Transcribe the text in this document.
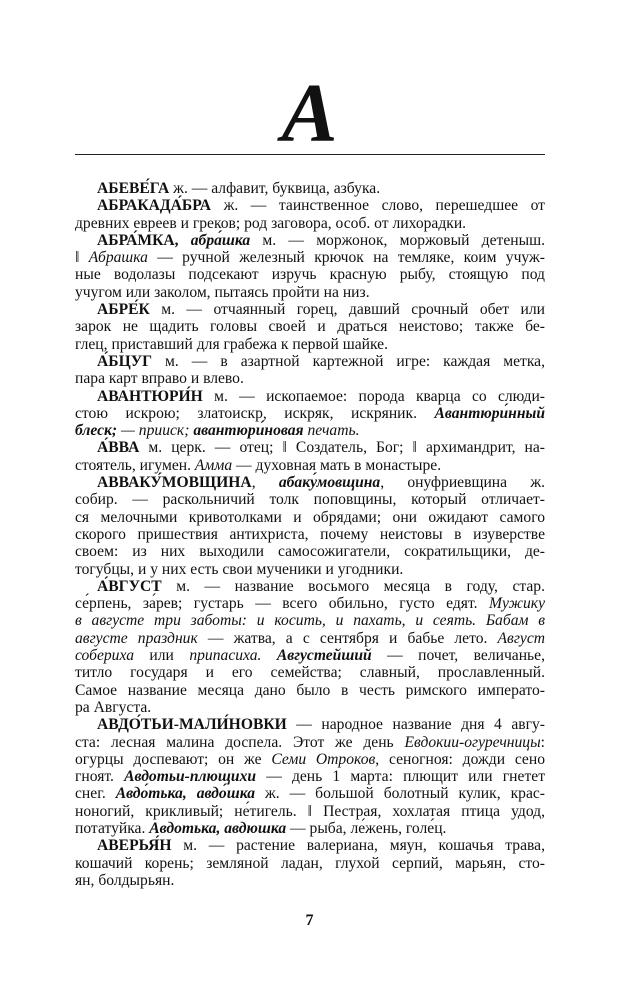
А
АБЕВЕ́ГА ж. — алфавит, буквица, азбука.
АБРАКАДА́БРА ж. — таинственное слово, перешедшее от
древних евреев и греков; род заговора, особ. от лихорадки.
АБРА́МКА, абра́шка м. — моржонок, моржовый детеныш.
‖ Абрашка — ручной железный крючок на темляке, коим учуж-
ные водолазы подсекают изручь красную рыбу, стоящую под
учугом или заколом, пытаясь пройти на низ.
АБРЕ́К м. — отчаянный горец, давший срочный обет или
зарок не щадить головы своей и драться неистово; также бе-
глец, приставший для грабежа к первой шайке.
А́БЦУГ м. — в азартной картежной игре: каждая метка,
пара карт вправо и влево.
АВАНТЮРИ́Н м. — ископаемое: порода кварца со слюди-
стою искрою; златоискр, искряк, искряник. Авантюри́нный
блеск; — прииск; авантюри́новая печать.
А́ВВА м. церк. — отец; ‖ Создатель, Бог; ‖ архимандрит, на-
стоятель, игумен. Амма — духовная мать в монастыре.
АВВАКУ́МОВЩИНА, абаку́мовщина, онуфриевщина ж.
собир. — раскольничий толк поповщины, который отличает-
ся мелочными кривотолками и обрядами; они ожидают самого
скорого пришествия антихриста, почему неистовы в изуверстве
своем: из них выходили самосожигатели, сократильщики, де-
тогубцы, и у них есть свои мученики и угодники.
А́ВГУСТ м. — название восьмого месяца в году, стар.
се́рпень, за́рев; густарь — всего обильно, густо едят. Мужику
в августе три заботы: и косить, и пахать, и сеять. Бабам в
августе праздник — жатва, а с сентября и бабье лето. Август
собериха или припасиха. Августейший — почет, величанье,
титло государя и его семейства; славный, прославленный.
Самое название месяца дано было в честь римского императо-
ра Августа.
АВДО́ТЬИ-МАЛИ́НОВКИ — народное название дня 4 авгу-
ста: лесная малина доспела. Этот же день Евдокии-огуречницы:
огурцы доспевают; он же Семи Отроков, сеногноя: дожди сено
гноят. Авдотьи-плющихи — день 1 марта: плющит или гнетет
снег. Авдо́тька, авдо́шка ж. — большой болотный кулик, крас-
ноногий, крикливый; не́тигель. ‖ Пестрая, хохлатая птица удод,
потатуйка. Авдотька, авдюшка — рыба, ле́жень, голе́ц.
АВЕРЬЯ́Н м. — растение валериана, мяун, кошачья трава,
кошачий корень; земляной ладан, глухой серпий, марьян, сто-
ян, болдырьян.
7
